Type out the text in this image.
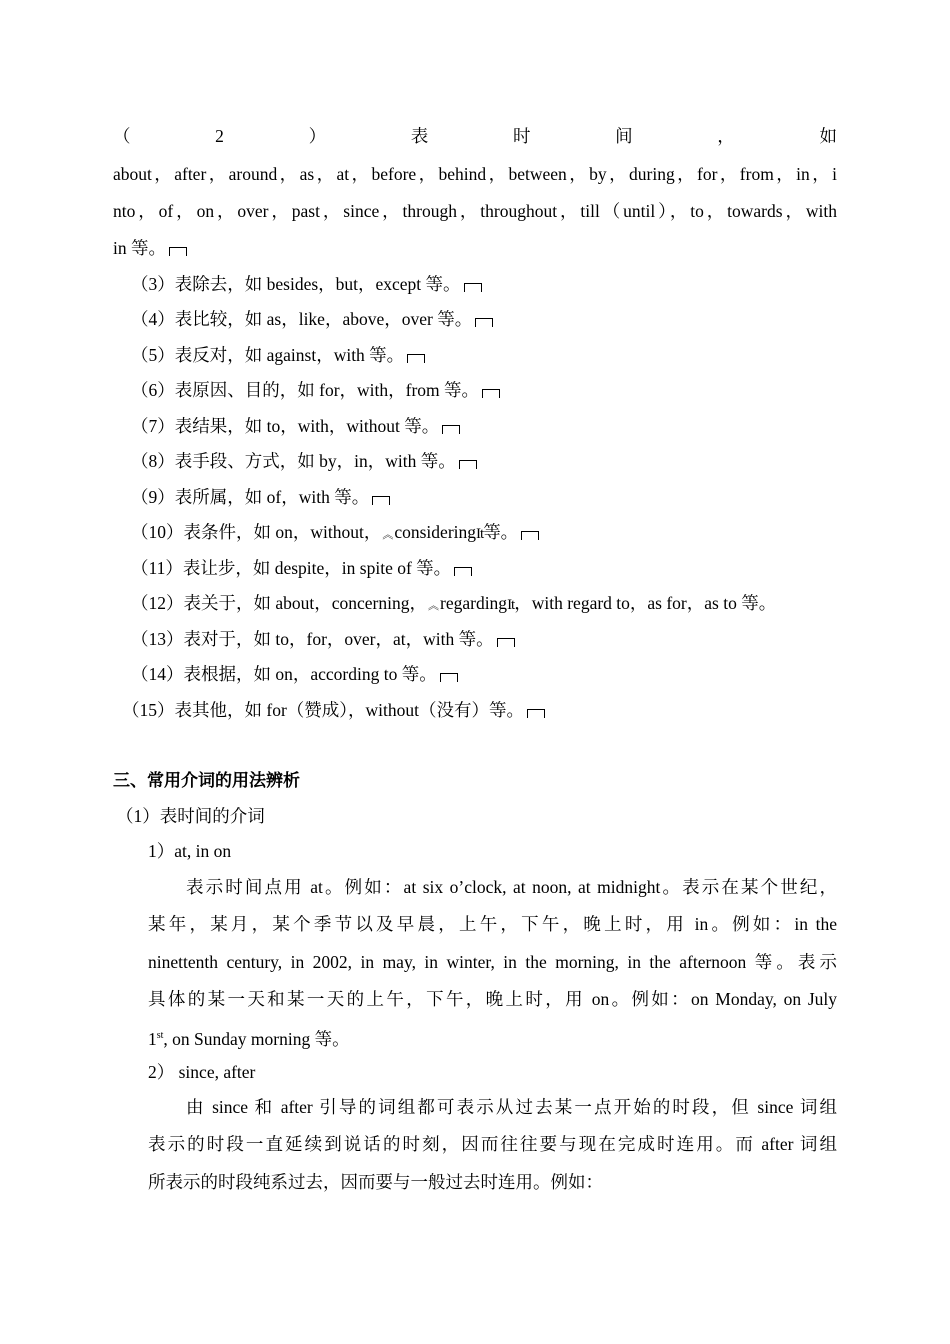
（	2	）	表	时	间	，	如
about，after，around，as，at，before，behind，between，by，during，for，from，in，i
nto，of，on，over，past，since，through，throughout，till（until），to，towards，with
in 等。
（3）表除去，如 besides，but，except 等。
（4）表比较，如 as，like，above，over 等。
（5）表反对，如 against，with 等。
（6）表原因、目的，如 for，with，from 等。
（7）表结果，如 to，with，without 等。
（8）表手段、方式，如 by，in，with 等。
（9）表所属，如 of，with 等。
（10）表条件，如 on，without，︽consideringIt等。
（11）表让步，如 despite，in spite of 等。
（12）表关于，如 about，concerning，︽regardingIt，with regard to，as for，as to 等。
（13）表对于，如 to，for，over，at，with 等。
（14）表根据，如 on，according to 等。
（15）表其他，如 for（赞成），without（没有）等。
三、常用介词的用法辨析
（1）表时间的介词
1）at, in on
表示时间点用 at。例如：at six o’clock, at noon, at midnight。表示在某个世纪，
某年，某月，某个季节以及早晨，上午，下午，晚上时，用 in。例如：in the
ninettenth century, in 2002, in may, in winter, in the morning, in the afternoon 等。表示
具体的某一天和某一天的上午，下午，晚上时，用 on。例如：on Monday, on July
1st, on Sunday morning 等。
2） since, after
由 since 和 after 引导的词组都可表示从过去某一点开始的时段，但 since 词组
表示的时段一直延续到说话的时刻，因而往往要与现在完成时连用。而 after 词组
所表示的时段纯系过去，因而要与一般过去时连用。例如：
